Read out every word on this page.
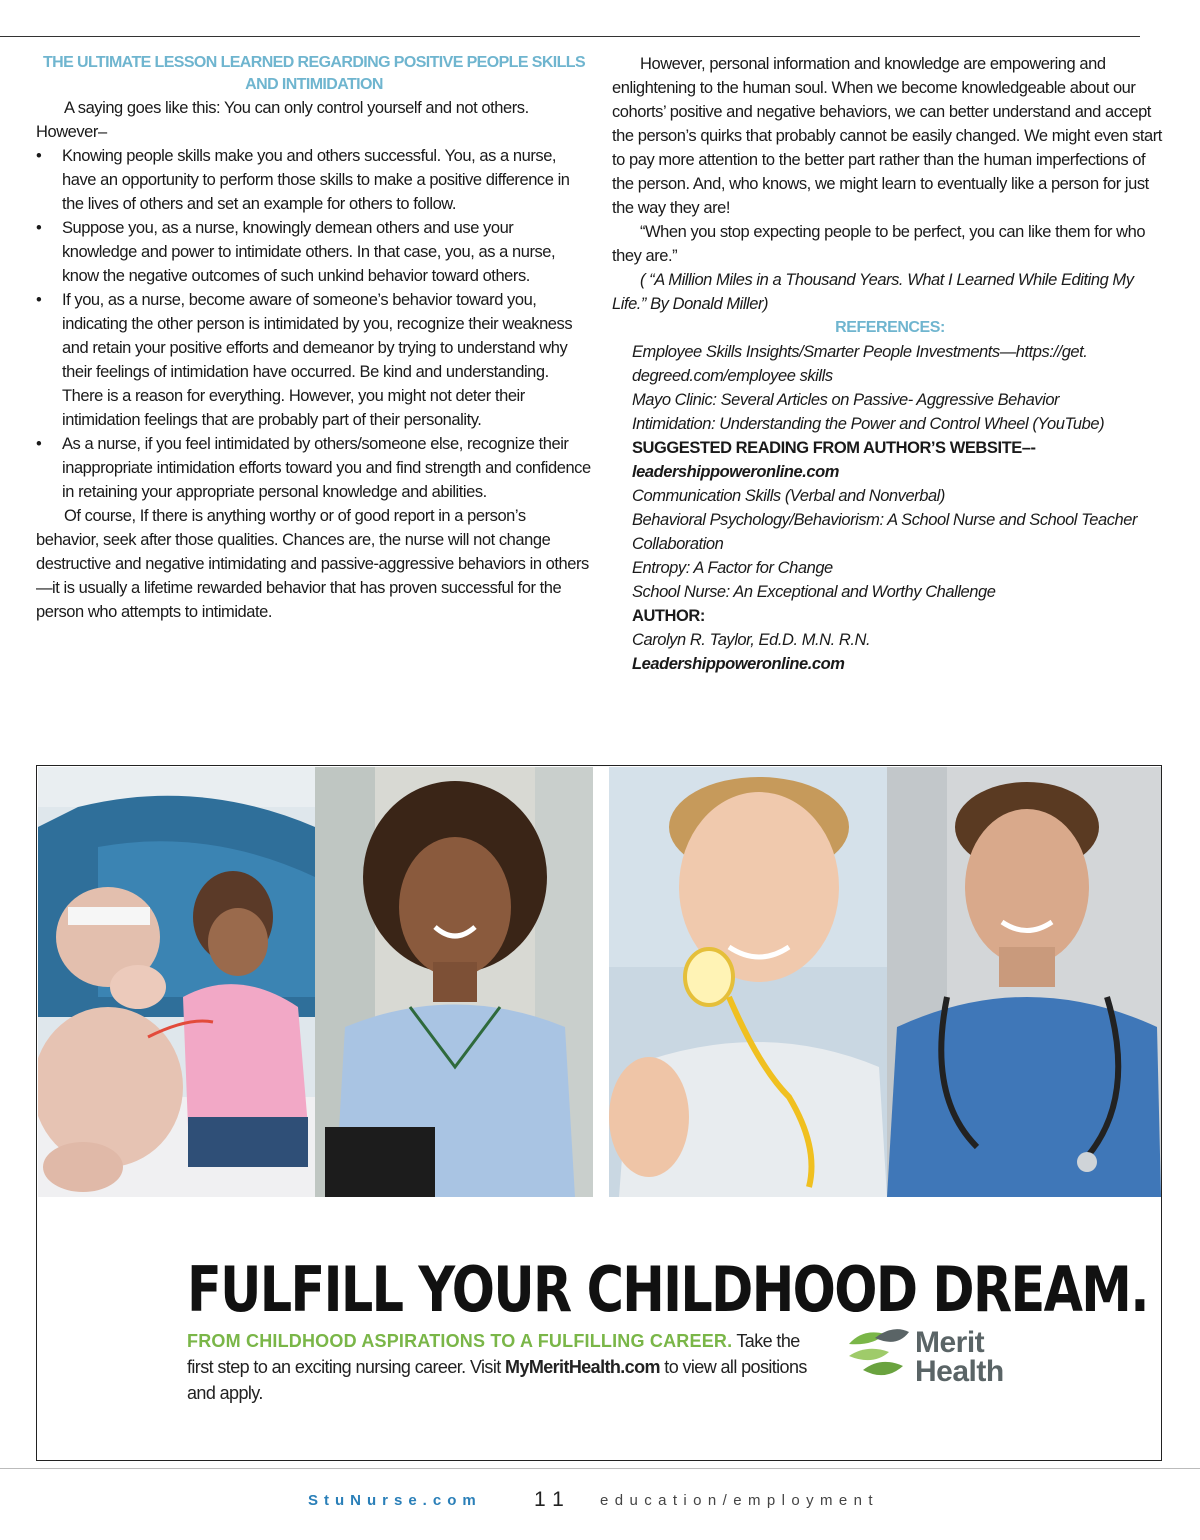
THE ULTIMATE LESSON LEARNED REGARDING POSITIVE PEOPLE SKILLS AND INTIMIDATION

A saying goes like this: You can only control yourself and not others. However–

• Knowing people skills make you and others successful. You, as a nurse, have an opportunity to perform those skills to make a positive difference in the lives of others and set an example for others to follow.
• Suppose you, as a nurse, knowingly demean others and use your knowledge and power to intimidate others. In that case, you, as a nurse, know the negative outcomes of such unkind behavior toward others.
• If you, as a nurse, become aware of someone’s behavior toward you, indicating the other person is intimidated by you, recognize their weakness and retain your positive efforts and demeanor by trying to understand why their feelings of intimidation have occurred. Be kind and understanding. There is a reason for everything. However, you might not deter their intimidation feelings that are probably part of their personality.
• As a nurse, if you feel intimidated by others/someone else, recognize their inappropriate intimidation efforts toward you and find strength and confidence in retaining your appropriate personal knowledge and abilities.

Of course, If there is anything worthy or of good report in a person’s behavior, seek after those qualities. Chances are, the nurse will not change destructive and negative intimidating and passive-aggressive behaviors in others—it is usually a lifetime rewarded behavior that has proven successful for the person who attempts to intimidate.

However, personal information and knowledge are empowering and enlightening to the human soul. When we become knowledgeable about our cohorts’ positive and negative behaviors, we can better understand and accept the person’s quirks that probably cannot be easily changed. We might even start to pay more attention to the better part rather than the human imperfections of the person. And, who knows, we might learn to eventually like a person for just the way they are!

“When you stop expecting people to be perfect, you can like them for who they are.”

( “A Million Miles in a Thousand Years. What I Learned While Editing My Life.” By Donald Miller)

REFERENCES:
Employee Skills Insights/Smarter People Investments—https://get. degreed.com/employee skills
Mayo Clinic: Several Articles on Passive- Aggressive Behavior
Intimidation: Understanding the Power and Control Wheel (YouTube)
SUGGESTED READING FROM AUTHOR’S WEBSITE–-
leadershippoweronline.com
Communication Skills (Verbal and Nonverbal)
Behavioral Psychology/Behaviorism: A School Nurse and School Teacher Collaboration
Entropy: A Factor for Change
School Nurse: An Exceptional and Worthy Challenge
AUTHOR:
Carolyn R. Taylor, Ed.D. M.N. R.N.
Leadershippoweronline.com
FULFILL YOUR CHILDHOOD DREAM.
FROM CHILDHOOD ASPIRATIONS TO A FULFILLING CAREER. Take the first step to an exciting nursing career. Visit MyMeritHealth.com to view all positions and apply.
Merit
Health
StuNurse.com 11 education/employment
